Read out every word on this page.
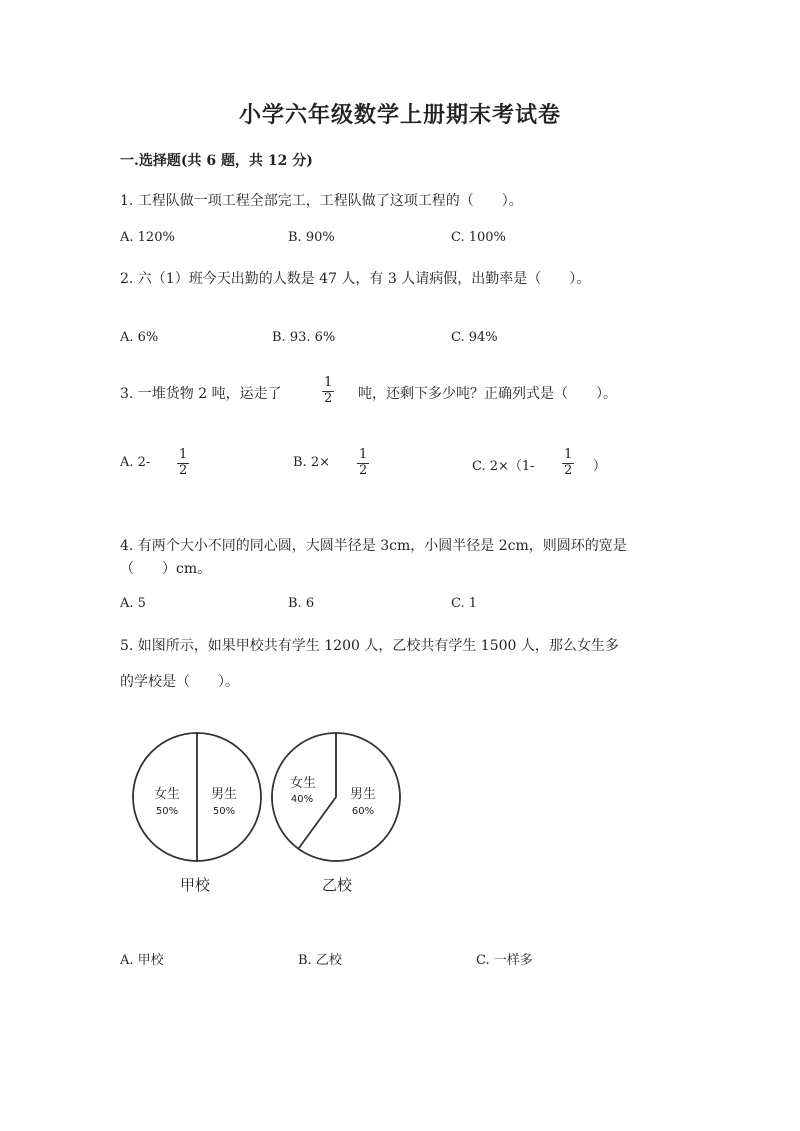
小学六年级数学上册期末考试卷
一.选择题(共 6 题，共 12 分)
1. 工程队做一项工程全部完工，工程队做了这项工程的（　　）。
A. 120%	B. 90%	C. 100%
2. 六（1）班今天出勤的人数是 47 人，有 3 人请病假，出勤率是（　　）。
A. 6%	B. 93. 6%	C. 94%
3. 一堆货物 2 吨，运走了	$\frac{1}{2}$ 吨，还剩下多少吨？正确列式是（　　）。
A. $2- \frac{1}{2}$	B. $2\times \frac{1}{2}$	C. $2\times(1- \frac{1}{2}$ ）
4. 有两个大小不同的同心圆，大圆半径是 3cm，小圆半径是 2cm，则圆环的宽是
（　　）cm。
A. 5	B. 6	C. 1
5. 如图所示，如果甲校共有学生 1200 人，乙校共有学生 1500 人，那么女生多
的学校是（　　）。
女生
50%
男生
50%
甲校
女生
40%	男生
60%
乙校
A. 甲校	B. 乙校	C. 一样多
